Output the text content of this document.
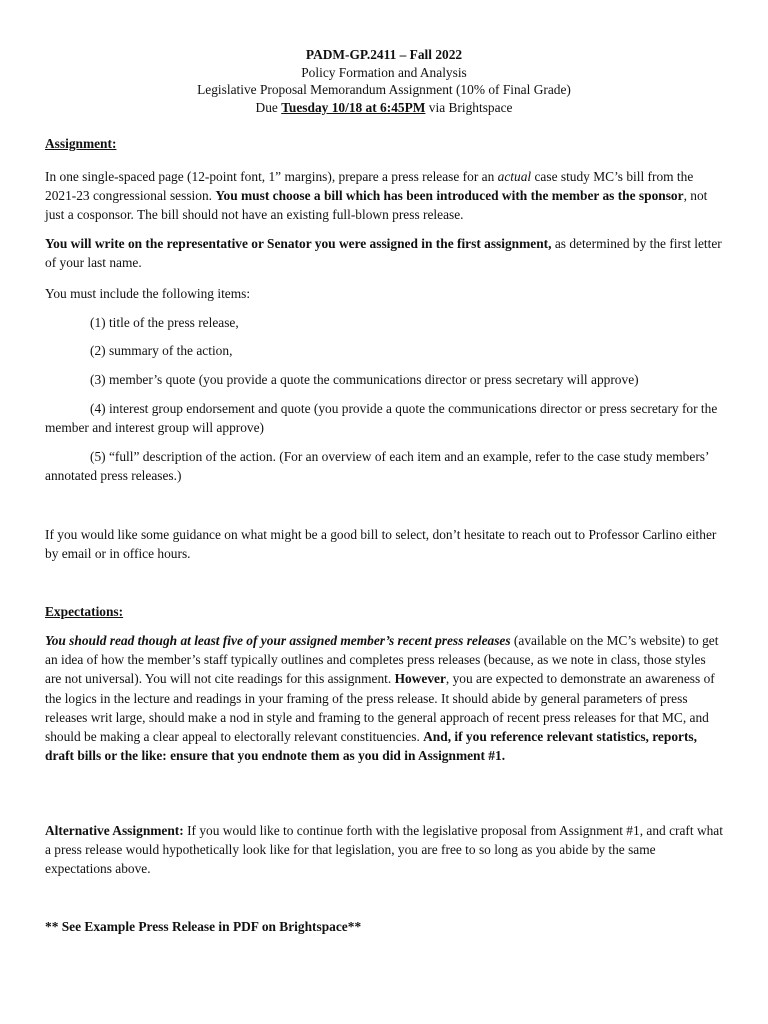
PADM-GP.2411 – Fall 2022
Policy Formation and Analysis
Legislative Proposal Memorandum Assignment (10% of Final Grade)
Due Tuesday 10/18 at 6:45PM via Brightspace
Assignment:

In one single-spaced page (12-point font, 1” margins), prepare a press release for an actual case study MC’s bill from the 2021-23 congressional session. You must choose a bill which has been introduced with the member as the sponsor, not just a cosponsor. The bill should not have an existing full-blown press release.

You will write on the representative or Senator you were assigned in the first assignment, as determined by the first letter of your last name.

You must include the following items:

(1) title of the press release,

(2) summary of the action,

(3) member’s quote (you provide a quote the communications director or press secretary will approve)

(4) interest group endorsement and quote (you provide a quote the communications director or press secretary for the member and interest group will approve)

(5) “full” description of the action. (For an overview of each item and an example, refer to the case study members’ annotated press releases.)

If you would like some guidance on what might be a good bill to select, don’t hesitate to reach out to Professor Carlino either by email or in office hours.

Expectations:

You should read though at least five of your assigned member’s recent press releases (available on the MC’s website) to get an idea of how the member’s staff typically outlines and completes press releases (because, as we note in class, those styles are not universal). You will not cite readings for this assignment. However, you are expected to demonstrate an awareness of the logics in the lecture and readings in your framing of the press release. It should abide by general parameters of press releases writ large, should make a nod in style and framing to the general approach of recent press releases for that MC, and should be making a clear appeal to electorally relevant constituencies. And, if you reference relevant statistics, reports, draft bills or the like: ensure that you endnote them as you did in Assignment #1.

Alternative Assignment: If you would like to continue forth with the legislative proposal from Assignment #1, and craft what a press release would hypothetically look like for that legislation, you are free to so long as you abide by the same expectations above.

** See Example Press Release in PDF on Brightspace**
